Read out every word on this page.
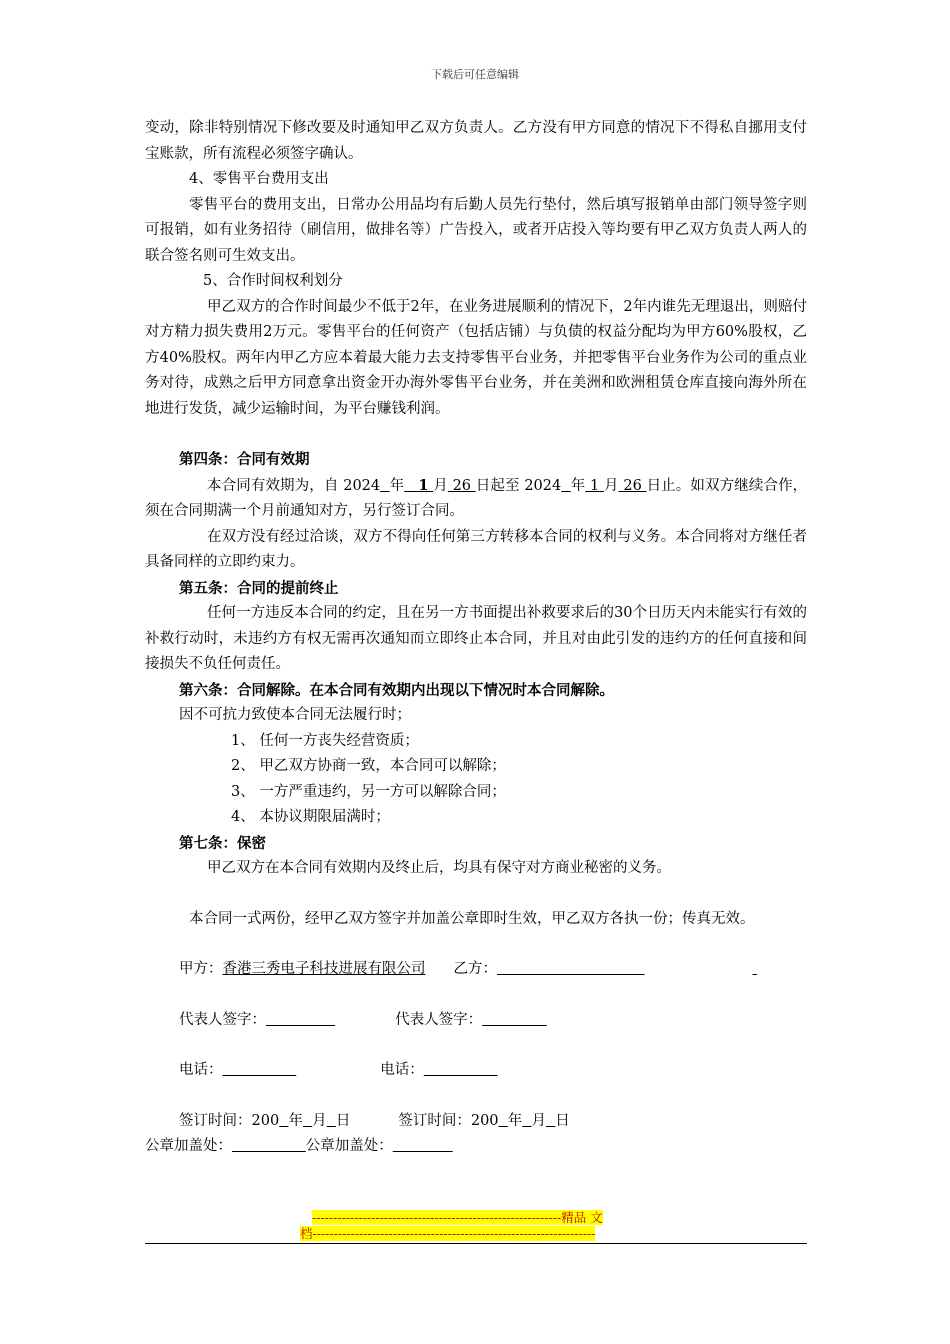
下载后可任意编辑

变动，除非特别情况下修改要及时通知甲乙双方负责人。乙方没有甲方同意的情况下不得私自挪用支付宝账款，所有流程必须签字确认。

4、零售平台费用支出

零售平台的费用支出，日常办公用品均有后勤人员先行垫付，然后填写报销单由部门领导签字则可报销，如有业务招待（刷信用，做排名等）广告投入，或者开店投入等均要有甲乙双方负责人两人的联合签名则可生效支出。

5、合作时间权利划分

甲乙双方的合作时间最少不低于2年，在业务进展顺利的情况下，2年内谁先无理退出，则赔付对方精力损失费用2万元。零售平台的任何资产（包括店铺）与负债的权益分配均为甲方60%股权，乙方40%股权。两年内甲乙方应本着最大能力去支持零售平台业务，并把零售平台业务作为公司的重点业务对待，成熟之后甲方同意拿出资金开办海外零售平台业务，并在美洲和欧洲租赁仓库直接向海外所在地进行发货，减少运输时间，为平台赚钱利润。

第四条：合同有效期

本合同有效期为，自 2024 年 1 月 26 日起至 2024 年 1 月 26 日止。如双方继续合作，须在合同期满一个月前通知对方，另行签订合同。

在双方没有经过洽谈，双方不得向任何第三方转移本合同的权利与义务。本合同将对方继任者具备同样的立即约束力。

第五条：合同的提前终止

任何一方违反本合同的约定，且在另一方书面提出补救要求后的30个日历天内未能实行有效的补救行动时，未违约方有权无需再次通知而立即终止本合同，并且对由此引发的违约方的任何直接和间接损失不负任何责任。

第六条：合同解除。在本合同有效期内出现以下情况时本合同解除。

因不可抗力致使本合同无法履行时；

1、 任何一方丧失经营资质；

2、 甲乙双方协商一致，本合同可以解除；

3、 一方严重违约，另一方可以解除合同；

4、 本协议期限届满时；

第七条：保密

甲乙双方在本合同有效期内及终止后，均具有保守对方商业秘密的义务。

本合同一式两份，经甲乙双方签字并加盖公章即时生效，甲乙双方各执一份；传真无效。

甲方：香港三秀电子科技进展有限公司 乙方：
代表人签字：	代表人签字：
电话：	电话：
签订时间：200 年 月 日	签订时间：200 年 月 日
公章加盖处：	公章加盖处：
-----------------------------------------------------------精品 文
档-------------------------------------------------------------------
